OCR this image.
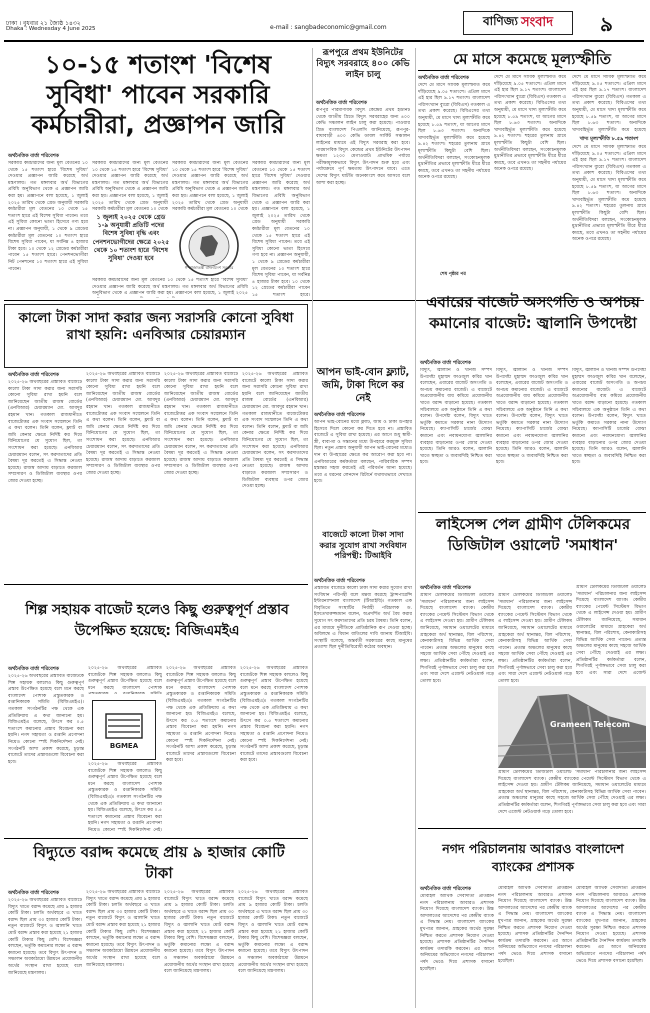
ঢাকা । বুধবার ২১ জ্যৈষ্ঠ ১৪৩২
Dhaka : Wednesday 4 June 2025	e-mail : sangbadeconomic@gmail.com	বাণিজ্য সংবাদ ৯
১০-১৫ শতাংশ 'বিশেষ সুবিধা' পাবেন সরকারি কর্মচারীরা, প্রজ্ঞাপন জারি
অর্থনৈতিক বার্তা পরিবেশক
সরকারি কর্মচারীদের জন্য মূল বেতনের ১০ থেকে ১৫ শতাংশ হারে 'বিশেষ সুবিধা' দেওয়ার প্রজ্ঞাপন জারি করেছে অর্থ মন্ত্রণালয়। গত মঙ্গলবার অর্থ বিভাগের প্রবিধি অনুবিভাগ থেকে এ প্রজ্ঞাপন জারি করা হয়। প্রজ্ঞাপনে বলা হয়েছে, ১ জুলাই ২০২৫ তারিখ থেকে গ্রেড অনুযায়ী সরকারি কর্মচারীরা মূল বেতনের ১০ থেকে ১৫ শতাংশ হারে এই বিশেষ সুবিধা পাবেন। তবে এই সুবিধা কোনো ভাতা হিসেবে গণ্য হবে না। প্রজ্ঞাপন অনুযায়ী, ১ থেকে ৯ গ্রেডের কর্মচারীরা মূল বেতনের ১০ শতাংশ হারে বিশেষ সুবিধা পাবেন, যা সর্বনিম্ন ৪ হাজার টাকা হবে। ১০ থেকে ১২ গ্রেডের কর্মচারীরা পাবেন ১৫ শতাংশ হারে। পেনশনভোগীরা নিট পেনশনের ১০ শতাংশ হারে এই সুবিধা পাবেন।
সরকারি কর্মচারীদের জন্য মূল বেতনের ১০ থেকে ১৫ শতাংশ হারে 'বিশেষ সুবিধা' দেওয়ার প্রজ্ঞাপন জারি করেছে অর্থ মন্ত্রণালয়। গত মঙ্গলবার অর্থ বিভাগের প্রবিধি অনুবিভাগ থেকে এ প্রজ্ঞাপন জারি করা হয়। প্রজ্ঞাপনে বলা হয়েছে, ১ জুলাই ২০২৫ তারিখ থেকে গ্রেড অনুযায়ী সরকারি কর্মচারীরা মূল বেতনের ১০ থেকে
সরকারি কর্মচারীদের জন্য মূল বেতনের ১০ থেকে ১৫ শতাংশ হারে 'বিশেষ সুবিধা' দেওয়ার প্রজ্ঞাপন জারি করেছে অর্থ মন্ত্রণালয়। গত মঙ্গলবার অর্থ বিভাগের প্রবিধি অনুবিভাগ থেকে এ প্রজ্ঞাপন জারি করা হয়। প্রজ্ঞাপনে বলা হয়েছে, ১ জুলাই ২০২৫ তারিখ থেকে গ্রেড অনুযায়ী সরকারি কর্মচারীরা মূল বেতনের ১০ থেকে
সরকারি কর্মচারীদের জন্য মূল বেতনের ১০ থেকে ১৫ শতাংশ হারে 'বিশেষ সুবিধা' দেওয়ার প্রজ্ঞাপন জারি করেছে অর্থ মন্ত্রণালয়। গত মঙ্গলবার অর্থ বিভাগের প্রবিধি অনুবিভাগ থেকে এ প্রজ্ঞাপন জারি করা হয়। প্রজ্ঞাপনে বলা হয়েছে, ১ জুলাই ২০২৫ তারিখ থেকে গ্রেড অনুযায়ী সরকারি কর্মচারীরা মূল বেতনের ১০ থেকে ১৫ শতাংশ হারে এই বিশেষ সুবিধা পাবেন। তবে এই সুবিধা কোনো ভাতা হিসেবে গণ্য হবে না। প্রজ্ঞাপন অনুযায়ী, ১ থেকে ৯ গ্রেডের কর্মচারীরা মূল বেতনের ১০ শতাংশ হারে বিশেষ সুবিধা পাবেন, যা সর্বনিম্ন ৪ হাজার টাকা হবে। ১০ থেকে ১২ গ্রেডের কর্মচারীরা পাবেন ১৫ শতাংশ হারে।
১ জুলাই ২০২৫ থেকে গ্রেড ১-৯ অনুযায়ী প্রতিটি পদের বিশেষ সুবিধা বৃদ্ধি এবং পেনশনভোগীদের ক্ষেত্রে ২০২৫ থেকে ১০ শতাংশ হারে 'বিশেষ সুবিধা' দেওয়া হবে
গণপ্রজাতন্ত্রী বাংলাদেশ সরকার
সরকারি কর্মচারীদের জন্য মূল বেতনের ১০ থেকে ১৫ শতাংশ হারে 'বিশেষ সুবিধা' দেওয়ার প্রজ্ঞাপন জারি করেছে অর্থ মন্ত্রণালয়। গত মঙ্গলবার অর্থ বিভাগের প্রবিধি অনুবিভাগ থেকে এ প্রজ্ঞাপন জারি করা হয়। প্রজ্ঞাপনে বলা হয়েছে, ১ জুলাই ২০২৫
রূপপুরে প্রথম ইউনিটের বিদ্যুৎ সরবরাহে ৪০০ কেভি লাইন চালু
অর্থনৈতিক বার্তা পরিবেশক
রূপপুর পারমাণবিক বিদ্যুৎ কেন্দ্রের প্রথম ইউনিট থেকে জাতীয় গ্রিডে বিদ্যুৎ সরবরাহের জন্য ৪০০ কেভি সঞ্চালন লাইন চালু করা হয়েছে। পাওয়ার গ্রিড বাংলাদেশ পিএলসি জানিয়েছে, রূপপুর-বাঘাবাড়ী ৪০০ কেভি ডাবল সার্কিট সঞ্চালন লাইনের মাধ্যমে এই বিদ্যুৎ সরবরাহ করা হবে। পারমাণবিক বিদ্যুৎ কেন্দ্রের প্রথম ইউনিটের উৎপাদন ক্ষমতা ১২০০ মেগাওয়াট। প্রাথমিক পর্যায়ে পরীক্ষামূলকভাবে বিদ্যুৎ উৎপাদন শুরু হবে এবং পর্যায়ক্রমে পূর্ণ ক্ষমতায় উৎপাদনে যাবে। এতে দেশের বিদ্যুৎ ঘাটতি অনেকাংশে কমে আসবে বলে আশা করা হচ্ছে।
মে মাসে কমেছে মূল্যস্ফীতি
অর্থনৈতিক বার্তা পরিবেশক
দেশে মে মাসে সার্বিক মূল্যস্ফীতি কমে দাঁড়িয়েছে ৯.০৫ শতাংশে। এপ্রিল মাসে এই হার ছিল ৯.১৭ শতাংশ। বাংলাদেশ পরিসংখ্যান ব্যুরো (বিবিএস) গতকাল এ তথ্য প্রকাশ করেছে। বিবিএসের তথ্য অনুযায়ী, মে মাসে খাদ্য মূল্যস্ফীতি কমে হয়েছে ৮.৫৯ শতাংশ, যা আগের মাসে ছিল ৮.৬৩ শতাংশ। অন্যদিকে খাদ্যবহির্ভূত মূল্যস্ফীতি কমে হয়েছে ৯.৪২ শতাংশ। শহরের তুলনায় গ্রামে মূল্যস্ফীতি কিছুটা বেশি ছিল। অর্থনীতিবিদরা বলছেন, সংকোচনমূলক মুদ্রানীতির প্রভাবে মূল্যস্ফীতি ধীরে ধীরে কমছে, তবে এখনও তা সহনীয় পর্যায়ের অনেক ওপরে রয়েছে।
দেশে মে মাসে সার্বিক মূল্যস্ফীতি কমে দাঁড়িয়েছে ৯.০৫ শতাংশে। এপ্রিল মাসে এই হার ছিল ৯.১৭ শতাংশ। বাংলাদেশ পরিসংখ্যান ব্যুরো (বিবিএস) গতকাল এ তথ্য প্রকাশ করেছে। বিবিএসের তথ্য অনুযায়ী, মে মাসে খাদ্য মূল্যস্ফীতি কমে হয়েছে ৮.৫৯ শতাংশ, যা আগের মাসে ছিল ৮.৬৩ শতাংশ। অন্যদিকে খাদ্যবহির্ভূত মূল্যস্ফীতি কমে হয়েছে ৯.৪২ শতাংশ। শহরের তুলনায় গ্রামে মূল্যস্ফীতি কিছুটা বেশি ছিল। অর্থনীতিবিদরা বলছেন, সংকোচনমূলক মুদ্রানীতির প্রভাবে মূল্যস্ফীতি ধীরে ধীরে কমছে, তবে এখনও তা সহনীয় পর্যায়ের অনেক ওপরে রয়েছে।
খাদ্য মূল্যস্ফীতি ৮.৫৯ শতাংশ
দেশে মে মাসে সার্বিক মূল্যস্ফীতি কমে দাঁড়িয়েছে ৯.০৫ শতাংশে। এপ্রিল মাসে এই হার ছিল ৯.১৭ শতাংশ। বাংলাদেশ পরিসংখ্যান ব্যুরো (বিবিএস) গতকাল এ তথ্য প্রকাশ করেছে। বিবিএসের তথ্য অনুযায়ী, মে মাসে খাদ্য মূল্যস্ফীতি কমে হয়েছে ৮.৫৯ শতাংশ, যা আগের মাসে ছিল ৮.৬৩ শতাংশ। অন্যদিকে খাদ্যবহির্ভূত মূল্যস্ফীতি কমে হয়েছে
দেশে মে মাসে সার্বিক মূল্যস্ফীতি কমে দাঁড়িয়েছে ৯.০৫ শতাংশে। এপ্রিল মাসে এই হার ছিল ৯.১৭ শতাংশ। বাংলাদেশ পরিসংখ্যান ব্যুরো (বিবিএস) গতকাল এ তথ্য প্রকাশ করেছে। বিবিএসের তথ্য অনুযায়ী, মে মাসে খাদ্য মূল্যস্ফীতি কমে হয়েছে ৮.৫৯ শতাংশ, যা আগের মাসে ছিল ৮.৬৩ শতাংশ। অন্যদিকে খাদ্যবহির্ভূত মূল্যস্ফীতি কমে হয়েছে ৯.৪২ শতাংশ। শহরের তুলনায় গ্রামে মূল্যস্ফীতি কিছুটা বেশি ছিল। অর্থনীতিবিদরা বলছেন, সংকোচনমূলক মুদ্রানীতির প্রভাবে মূল্যস্ফীতি ধীরে ধীরে কমছে, তবে এখনও তা সহনীয় পর্যায়ের অনেক ওপরে রয়েছে।
শেষ পৃষ্ঠার পর
এবারের বাজেট অসংগতি ও অপচয় কমানোর বাজেট: জ্বালানি উপদেষ্টা
অর্থনৈতিক বার্তা পরিবেশক
বিদ্যুৎ, জ্বালানি ও খনিজ সম্পদ উপদেষ্টা মুহাম্মদ ফাওজুল কবির খান বলেছেন, এবারের বাজেট অসংগতি ও অপচয় কমানোর বাজেট। এ বাজেটে অপ্রয়োজনীয় ব্যয় কমিয়ে প্রয়োজনীয় খাতে বরাদ্দ বাড়ানো হয়েছে। গতকাল সচিবালয়ে এক অনুষ্ঠানে তিনি এ কথা বলেন। উপদেষ্টা বলেন, বিদ্যুৎ খাতে ভর্তুকি কমাতে সরকার নানা উদ্যোগ নিয়েছে। ক্যাপাসিটি চার্জের বোঝা কমানো এবং নবায়নযোগ্য জ্বালানির ব্যবহার বাড়ানোর ওপর জোর দেওয়া হয়েছে। তিনি আরও বলেন, জ্বালানি খাতে স্বচ্ছতা ও জবাবদিহি নিশ্চিত করা হবে।
বিদ্যুৎ, জ্বালানি ও খনিজ সম্পদ উপদেষ্টা মুহাম্মদ ফাওজুল কবির খান বলেছেন, এবারের বাজেট অসংগতি ও অপচয় কমানোর বাজেট। এ বাজেটে অপ্রয়োজনীয় ব্যয় কমিয়ে প্রয়োজনীয় খাতে বরাদ্দ বাড়ানো হয়েছে। গতকাল সচিবালয়ে এক অনুষ্ঠানে তিনি এ কথা বলেন। উপদেষ্টা বলেন, বিদ্যুৎ খাতে ভর্তুকি কমাতে সরকার নানা উদ্যোগ নিয়েছে। ক্যাপাসিটি চার্জের বোঝা কমানো এবং নবায়নযোগ্য জ্বালানির ব্যবহার বাড়ানোর ওপর জোর দেওয়া হয়েছে। তিনি আরও বলেন, জ্বালানি খাতে স্বচ্ছতা ও জবাবদিহি নিশ্চিত করা হবে।
বিদ্যুৎ, জ্বালানি ও খনিজ সম্পদ উপদেষ্টা মুহাম্মদ ফাওজুল কবির খান বলেছেন, এবারের বাজেট অসংগতি ও অপচয় কমানোর বাজেট। এ বাজেটে অপ্রয়োজনীয় ব্যয় কমিয়ে প্রয়োজনীয় খাতে বরাদ্দ বাড়ানো হয়েছে। গতকাল সচিবালয়ে এক অনুষ্ঠানে তিনি এ কথা বলেন। উপদেষ্টা বলেন, বিদ্যুৎ খাতে ভর্তুকি কমাতে সরকার নানা উদ্যোগ নিয়েছে। ক্যাপাসিটি চার্জের বোঝা কমানো এবং নবায়নযোগ্য জ্বালানির ব্যবহার বাড়ানোর ওপর জোর দেওয়া হয়েছে। তিনি আরও বলেন, জ্বালানি খাতে স্বচ্ছতা ও জবাবদিহি নিশ্চিত করা হবে।
কালো টাকা সাদা করার জন্য সরাসরি কোনো সুবিধা রাখা হয়নি: এনবিআর চেয়ারম্যান
অর্থনৈতিক বার্তা পরিবেশক
২০২৫-২৬ অর্থবছরের প্রস্তাবিত বাজেটে কালো টাকা সাদা করার জন্য সরাসরি কোনো সুবিধা রাখা হয়নি বলে জানিয়েছেন জাতীয় রাজস্ব বোর্ডের (এনবিআর) চেয়ারম্যান মো. আবদুর রহমান খান। গতকাল রাজধানীতে বাজেটোত্তর এক সংবাদ সম্মেলনে তিনি এ কথা বলেন। তিনি বলেন, ফ্ল্যাট বা জমি কেনার ক্ষেত্রে নির্দিষ্ট কর দিয়ে বিনিয়োগের যে সুযোগ ছিল, তা সংশোধন করা হয়েছে। এনবিআর চেয়ারম্যান বলেন, সৎ করদাতাদের প্রতি বৈষম্য দূর করতেই এ সিদ্ধান্ত নেওয়া হয়েছে। রাজস্ব আদায় বাড়াতে করজাল সম্প্রসারণ ও ডিজিটাল ব্যবস্থার ওপর জোর দেওয়া হচ্ছে।
২০২৫-২৬ অর্থবছরের প্রস্তাবিত বাজেটে কালো টাকা সাদা করার জন্য সরাসরি কোনো সুবিধা রাখা হয়নি বলে জানিয়েছেন জাতীয় রাজস্ব বোর্ডের (এনবিআর) চেয়ারম্যান মো. আবদুর রহমান খান। গতকাল রাজধানীতে বাজেটোত্তর এক সংবাদ সম্মেলনে তিনি এ কথা বলেন। তিনি বলেন, ফ্ল্যাট বা জমি কেনার ক্ষেত্রে নির্দিষ্ট কর দিয়ে বিনিয়োগের যে সুযোগ ছিল, তা সংশোধন করা হয়েছে। এনবিআর চেয়ারম্যান বলেন, সৎ করদাতাদের প্রতি বৈষম্য দূর করতেই এ সিদ্ধান্ত নেওয়া হয়েছে। রাজস্ব আদায় বাড়াতে করজাল সম্প্রসারণ ও ডিজিটাল ব্যবস্থার ওপর জোর দেওয়া হচ্ছে।
২০২৫-২৬ অর্থবছরের প্রস্তাবিত বাজেটে কালো টাকা সাদা করার জন্য সরাসরি কোনো সুবিধা রাখা হয়নি বলে জানিয়েছেন জাতীয় রাজস্ব বোর্ডের (এনবিআর) চেয়ারম্যান মো. আবদুর রহমান খান। গতকাল রাজধানীতে বাজেটোত্তর এক সংবাদ সম্মেলনে তিনি এ কথা বলেন। তিনি বলেন, ফ্ল্যাট বা জমি কেনার ক্ষেত্রে নির্দিষ্ট কর দিয়ে বিনিয়োগের যে সুযোগ ছিল, তা সংশোধন করা হয়েছে। এনবিআর চেয়ারম্যান বলেন, সৎ করদাতাদের প্রতি বৈষম্য দূর করতেই এ সিদ্ধান্ত নেওয়া হয়েছে। রাজস্ব আদায় বাড়াতে করজাল সম্প্রসারণ ও ডিজিটাল ব্যবস্থার ওপর জোর দেওয়া হচ্ছে।
২০২৫-২৬ অর্থবছরের প্রস্তাবিত বাজেটে কালো টাকা সাদা করার জন্য সরাসরি কোনো সুবিধা রাখা হয়নি বলে জানিয়েছেন জাতীয় রাজস্ব বোর্ডের (এনবিআর) চেয়ারম্যান মো. আবদুর রহমান খান। গতকাল রাজধানীতে বাজেটোত্তর এক সংবাদ সম্মেলনে তিনি এ কথা বলেন। তিনি বলেন, ফ্ল্যাট বা জমি কেনার ক্ষেত্রে নির্দিষ্ট কর দিয়ে বিনিয়োগের যে সুযোগ ছিল, তা সংশোধন করা হয়েছে। এনবিআর চেয়ারম্যান বলেন, সৎ করদাতাদের প্রতি বৈষম্য দূর করতেই এ সিদ্ধান্ত নেওয়া হয়েছে। রাজস্ব আদায় বাড়াতে করজাল সম্প্রসারণ ও ডিজিটাল ব্যবস্থার ওপর জোর দেওয়া হচ্ছে।
আপন ভাই-বোন ফ্ল্যাট, জমি, টাকা দিলে কর নেই
অর্থনৈতিক বার্তা পরিবেশক
আপন ভাই-বোনের মধ্যে ফ্ল্যাট, জমি ও টাকা উপহার হিসেবে দিলে কোনো কর দিতে হবে না। প্রস্তাবিত বাজেটে এ সুবিধা রাখা হয়েছে। এর আগে শুধু স্বামী-স্ত্রী, বাবা-মা ও সন্তানের মধ্যে উপহারে করমুক্ত সুবিধা ছিল। নতুন প্রস্তাব অনুযায়ী আপন ভাই-বোনের মধ্যেও দান বা উপহারের ক্ষেত্রে কর আরোপ করা হবে না। এনবিআরের কর্মকর্তারা বলছেন, পারিবারিক সম্পদ হস্তান্তর সহজ করতেই এই পরিবর্তন আনা হয়েছে। তবে এ ধরনের লেনদেন রিটার্নে যথাযথভাবে দেখাতে হবে।
বাজেটে কালো টাকা সাদা করার সুযোগ রাখা সংবিধান পরিপন্থী: টিআইবি
অর্থনৈতিক বার্তা পরিবেশক
প্রস্তাবিত বাজেটে কালো টাকা সাদা করার সুযোগ রাখা সংবিধান পরিপন্থী বলে মন্তব্য করেছে ট্রান্সপারেন্সি ইন্টারন্যাশনাল বাংলাদেশ (টিআইবি)। গতকাল এক বিবৃতিতে সংস্থাটির নির্বাহী পরিচালক ড. ইফতেখারুজ্জামান বলেন, অপ্রদর্শিত অর্থ বৈধ করার সুযোগ সৎ করদাতাদের প্রতি চরম বৈষম্য। তিনি বলেন, এর মাধ্যমে দুর্নীতিকে প্রাতিষ্ঠানিক রূপ দেওয়া হচ্ছে। অবিলম্বে এ বিধান বাতিলের দাবি জানায় টিআইবি। সংস্থাটি বলেছে, অন্তর্বর্তী সরকারের কাছে মানুষের প্রত্যাশা ছিল দুর্নীতিবিরোধী কঠোর অবস্থান।
লাইসেন্স পেল গ্রামীণ টেলিকমের ডিজিটাল ওয়ালেট 'সমাধান'
অর্থনৈতিক বার্তা পরিবেশক
গ্রামীণ টেলিকমের ডিজিটাল ওয়ালেট 'সমাধান' পরিচালনার জন্য লাইসেন্স দিয়েছে বাংলাদেশ ব্যাংক। কেন্দ্রীয় ব্যাংকের পেমেন্ট সিস্টেমস বিভাগ থেকে এ লাইসেন্স দেওয়া হয়। গ্রামীণ টেলিকম জানিয়েছে, সমাধান ওয়ালেটের মাধ্যমে গ্রাহকেরা অর্থ স্থানান্তর, বিল পরিশোধ, কেনাকাটাসহ বিভিন্ন আর্থিক সেবা পাবেন। প্রত্যন্ত অঞ্চলের মানুষের কাছে সহজে আর্থিক সেবা পৌঁছে দেওয়াই এর লক্ষ্য। প্রতিষ্ঠানটির কর্মকর্তারা বলেন, শিগগিরই পূর্ণাঙ্গভাবে সেবা চালু করা হবে এবং সারা দেশে এজেন্ট নেটওয়ার্ক গড়ে তোলা হবে।
গ্রামীণ টেলিকমের ডিজিটাল ওয়ালেট 'সমাধান' পরিচালনার জন্য লাইসেন্স দিয়েছে বাংলাদেশ ব্যাংক। কেন্দ্রীয় ব্যাংকের পেমেন্ট সিস্টেমস বিভাগ থেকে এ লাইসেন্স দেওয়া হয়। গ্রামীণ টেলিকম জানিয়েছে, সমাধান ওয়ালেটের মাধ্যমে গ্রাহকেরা অর্থ স্থানান্তর, বিল পরিশোধ, কেনাকাটাসহ বিভিন্ন আর্থিক সেবা পাবেন। প্রত্যন্ত অঞ্চলের মানুষের কাছে সহজে আর্থিক সেবা পৌঁছে দেওয়াই এর লক্ষ্য। প্রতিষ্ঠানটির কর্মকর্তারা বলেন, শিগগিরই পূর্ণাঙ্গভাবে সেবা চালু করা হবে এবং সারা দেশে এজেন্ট নেটওয়ার্ক গড়ে তোলা হবে।
গ্রামীণ টেলিকমের ডিজিটাল ওয়ালেট 'সমাধান' পরিচালনার জন্য লাইসেন্স দিয়েছে বাংলাদেশ ব্যাংক। কেন্দ্রীয় ব্যাংকের পেমেন্ট সিস্টেমস বিভাগ থেকে এ লাইসেন্স দেওয়া হয়। গ্রামীণ টেলিকম জানিয়েছে, সমাধান ওয়ালেটের মাধ্যমে গ্রাহকেরা অর্থ স্থানান্তর, বিল পরিশোধ, কেনাকাটাসহ বিভিন্ন আর্থিক সেবা পাবেন। প্রত্যন্ত অঞ্চলের মানুষের কাছে সহজে আর্থিক সেবা পৌঁছে দেওয়াই এর লক্ষ্য। প্রতিষ্ঠানটির কর্মকর্তারা বলেন, শিগগিরই পূর্ণাঙ্গভাবে সেবা চালু করা হবে এবং সারা দেশে এজেন্ট
Grameen Telecom
গ্রামীণ টেলিকমের ডিজিটাল ওয়ালেট 'সমাধান' পরিচালনার জন্য লাইসেন্স দিয়েছে বাংলাদেশ ব্যাংক। কেন্দ্রীয় ব্যাংকের পেমেন্ট সিস্টেমস বিভাগ থেকে এ লাইসেন্স দেওয়া হয়। গ্রামীণ টেলিকম জানিয়েছে, সমাধান ওয়ালেটের মাধ্যমে গ্রাহকেরা অর্থ স্থানান্তর, বিল পরিশোধ, কেনাকাটাসহ বিভিন্ন আর্থিক সেবা পাবেন। প্রত্যন্ত অঞ্চলের মানুষের কাছে সহজে আর্থিক সেবা পৌঁছে দেওয়াই এর লক্ষ্য। প্রতিষ্ঠানটির কর্মকর্তারা বলেন, শিগগিরই পূর্ণাঙ্গভাবে সেবা চালু করা হবে এবং সারা দেশে এজেন্ট নেটওয়ার্ক গড়ে তোলা হবে।
শিল্প সহায়ক বাজেট হলেও কিছু গুরুত্বপূর্ণ প্রস্তাব উপেক্ষিত হয়েছে: বিজিএমইএ
অর্থনৈতিক বার্তা পরিবেশক
২০২৫-২৬ অর্থবছরের প্রস্তাবিত বাজেটকে শিল্প সহায়ক বললেও কিছু গুরুত্বপূর্ণ প্রস্তাব উপেক্ষিত হয়েছে বলে মনে করছে বাংলাদেশ পোশাক প্রস্তুতকারক ও রপ্তানিকারক সমিতি (বিজিএমইএ)। গতকাল সংগঠনটির পক্ষ থেকে এক প্রতিক্রিয়ায় এ কথা জানানো হয়। বিজিএমইএ বলেছে, উৎসে কর ০.৫ শতাংশে কমানোর প্রস্তাব বিবেচনা করা হয়নি। নগদ সহায়তা ও রপ্তানি প্রণোদনা নিয়েও কোনো স্পষ্ট দিকনির্দেশনা নেই। সংগঠনটি আশা প্রকাশ করেছে, চূড়ান্ত বাজেটে তাদের প্রস্তাবগুলো বিবেচনা করা হবে।
২০২৫-২৬ অর্থবছরের প্রস্তাবিত বাজেটকে শিল্প সহায়ক বললেও কিছু গুরুত্বপূর্ণ প্রস্তাব উপেক্ষিত হয়েছে বলে মনে করছে বাংলাদেশ পোশাক
BGMEA
২০২৫-২৬ অর্থবছরের প্রস্তাবিত বাজেটকে শিল্প সহায়ক বললেও কিছু গুরুত্বপূর্ণ প্রস্তাব উপেক্ষিত হয়েছে বলে মনে করছে বাংলাদেশ পোশাক প্রস্তুতকারক ও রপ্তানিকারক সমিতি (বিজিএমইএ)। গতকাল সংগঠনটির পক্ষ থেকে এক প্রতিক্রিয়ায় এ কথা জানানো হয়। বিজিএমইএ বলেছে, উৎসে কর ০.৫ শতাংশে কমানোর প্রস্তাব বিবেচনা করা হয়নি। নগদ সহায়তা ও রপ্তানি প্রণোদনা নিয়েও কোনো স্পষ্ট দিকনির্দেশনা নেই।
২০২৫-২৬ অর্থবছরের প্রস্তাবিত বাজেটকে শিল্প সহায়ক বললেও কিছু গুরুত্বপূর্ণ প্রস্তাব উপেক্ষিত হয়েছে বলে মনে করছে বাংলাদেশ পোশাক প্রস্তুতকারক ও রপ্তানিকারক সমিতি (বিজিএমইএ)। গতকাল সংগঠনটির পক্ষ থেকে এক প্রতিক্রিয়ায় এ কথা জানানো হয়। বিজিএমইএ বলেছে, উৎসে কর ০.৫ শতাংশে কমানোর প্রস্তাব বিবেচনা করা হয়নি। নগদ সহায়তা ও রপ্তানি প্রণোদনা নিয়েও কোনো স্পষ্ট দিকনির্দেশনা নেই। সংগঠনটি আশা প্রকাশ করেছে, চূড়ান্ত বাজেটে তাদের প্রস্তাবগুলো বিবেচনা করা হবে।
২০২৫-২৬ অর্থবছরের প্রস্তাবিত বাজেটকে শিল্প সহায়ক বললেও কিছু গুরুত্বপূর্ণ প্রস্তাব উপেক্ষিত হয়েছে বলে মনে করছে বাংলাদেশ পোশাক প্রস্তুতকারক ও রপ্তানিকারক সমিতি (বিজিএমইএ)। গতকাল সংগঠনটির পক্ষ থেকে এক প্রতিক্রিয়ায় এ কথা জানানো হয়। বিজিএমইএ বলেছে, উৎসে কর ০.৫ শতাংশে কমানোর প্রস্তাব বিবেচনা করা হয়নি। নগদ সহায়তা ও রপ্তানি প্রণোদনা নিয়েও কোনো স্পষ্ট দিকনির্দেশনা নেই। সংগঠনটি আশা প্রকাশ করেছে, চূড়ান্ত বাজেটে তাদের প্রস্তাবগুলো বিবেচনা করা হবে।
বিদ্যুতে বরাদ্দ কমেছে প্রায় ৯ হাজার কোটি টাকা
অর্থনৈতিক বার্তা পরিবেশক
২০২৫-২৬ অর্থবছরের প্রস্তাবিত বাজেটে বিদ্যুৎ খাতে বরাদ্দ কমেছে প্রায় ৯ হাজার কোটি টাকা। চলতি অর্থবছরে এ খাতে বরাদ্দ ছিল প্রায় ৩০ হাজার কোটি টাকা। নতুন বাজেটে বিদ্যুৎ ও জ্বালানি খাতে মোট বরাদ্দ প্রস্তাব করা হয়েছে ২১ হাজার কোটি টাকার কিছু বেশি। বিশেষজ্ঞরা বলছেন, ভর্তুকি কমানোর লক্ষ্যে এ বরাদ্দ কমানো হয়েছে। তবে বিদ্যুৎ উৎপাদন ও সঞ্চালন অবকাঠামো উন্নয়নে প্রয়োজনীয় অর্থের সংস্থান রাখা হয়েছে বলে জানিয়েছে মন্ত্রণালয়।
২০২৫-২৬ অর্থবছরের প্রস্তাবিত বাজেটে বিদ্যুৎ খাতে বরাদ্দ কমেছে প্রায় ৯ হাজার কোটি টাকা। চলতি অর্থবছরে এ খাতে বরাদ্দ ছিল প্রায় ৩০ হাজার কোটি টাকা। নতুন বাজেটে বিদ্যুৎ ও জ্বালানি খাতে মোট বরাদ্দ প্রস্তাব করা হয়েছে ২১ হাজার কোটি টাকার কিছু বেশি। বিশেষজ্ঞরা বলছেন, ভর্তুকি কমানোর লক্ষ্যে এ বরাদ্দ কমানো হয়েছে। তবে বিদ্যুৎ উৎপাদন ও সঞ্চালন অবকাঠামো উন্নয়নে প্রয়োজনীয় অর্থের সংস্থান রাখা হয়েছে বলে জানিয়েছে মন্ত্রণালয়।
২০২৫-২৬ অর্থবছরের প্রস্তাবিত বাজেটে বিদ্যুৎ খাতে বরাদ্দ কমেছে প্রায় ৯ হাজার কোটি টাকা। চলতি অর্থবছরে এ খাতে বরাদ্দ ছিল প্রায় ৩০ হাজার কোটি টাকা। নতুন বাজেটে বিদ্যুৎ ও জ্বালানি খাতে মোট বরাদ্দ প্রস্তাব করা হয়েছে ২১ হাজার কোটি টাকার কিছু বেশি। বিশেষজ্ঞরা বলছেন, ভর্তুকি কমানোর লক্ষ্যে এ বরাদ্দ কমানো হয়েছে। তবে বিদ্যুৎ উৎপাদন ও সঞ্চালন অবকাঠামো উন্নয়নে প্রয়োজনীয় অর্থের সংস্থান রাখা হয়েছে বলে জানিয়েছে মন্ত্রণালয়।
২০২৫-২৬ অর্থবছরের প্রস্তাবিত বাজেটে বিদ্যুৎ খাতে বরাদ্দ কমেছে প্রায় ৯ হাজার কোটি টাকা। চলতি অর্থবছরে এ খাতে বরাদ্দ ছিল প্রায় ৩০ হাজার কোটি টাকা। নতুন বাজেটে বিদ্যুৎ ও জ্বালানি খাতে মোট বরাদ্দ প্রস্তাব করা হয়েছে ২১ হাজার কোটি টাকার কিছু বেশি। বিশেষজ্ঞরা বলছেন, ভর্তুকি কমানোর লক্ষ্যে এ বরাদ্দ কমানো হয়েছে। তবে বিদ্যুৎ উৎপাদন ও সঞ্চালন অবকাঠামো উন্নয়নে প্রয়োজনীয় অর্থের সংস্থান রাখা হয়েছে বলে জানিয়েছে মন্ত্রণালয়।
নগদ পরিচালনায় আবারও বাংলাদেশ ব্যাংকের প্রশাসক
অর্থনৈতিক বার্তা পরিবেশক
মোবাইল আর্থিক সেবাদাতা প্রতিষ্ঠান নগদ পরিচালনায় আবারও প্রশাসক নিয়োগ দিয়েছে বাংলাদেশ ব্যাংক। উচ্চ আদালতের আদেশের পর কেন্দ্রীয় ব্যাংক এ সিদ্ধান্ত নেয়। বাংলাদেশ ব্যাংকের মুখপাত্র জানান, গ্রাহকের অর্থের সুরক্ষা নিশ্চিত করতে প্রশাসক নিয়োগ দেওয়া হয়েছে। প্রশাসক প্রতিষ্ঠানটির দৈনন্দিন কার্যক্রম তদারকি করবেন। এর আগে অনিয়মের অভিযোগে নগদের পরিচালনা পর্ষদ ভেঙে দিয়ে প্রশাসক বসানো হয়েছিল।
মোবাইল আর্থিক সেবাদাতা প্রতিষ্ঠান নগদ পরিচালনায় আবারও প্রশাসক নিয়োগ দিয়েছে বাংলাদেশ ব্যাংক। উচ্চ আদালতের আদেশের পর কেন্দ্রীয় ব্যাংক এ সিদ্ধান্ত নেয়। বাংলাদেশ ব্যাংকের মুখপাত্র জানান, গ্রাহকের অর্থের সুরক্ষা নিশ্চিত করতে প্রশাসক নিয়োগ দেওয়া হয়েছে। প্রশাসক প্রতিষ্ঠানটির দৈনন্দিন কার্যক্রম তদারকি করবেন। এর আগে অনিয়মের অভিযোগে নগদের পরিচালনা পর্ষদ ভেঙে দিয়ে প্রশাসক বসানো হয়েছিল।
মোবাইল আর্থিক সেবাদাতা প্রতিষ্ঠান নগদ পরিচালনায় আবারও প্রশাসক নিয়োগ দিয়েছে বাংলাদেশ ব্যাংক। উচ্চ আদালতের আদেশের পর কেন্দ্রীয় ব্যাংক এ সিদ্ধান্ত নেয়। বাংলাদেশ ব্যাংকের মুখপাত্র জানান, গ্রাহকের অর্থের সুরক্ষা নিশ্চিত করতে প্রশাসক নিয়োগ দেওয়া হয়েছে। প্রশাসক প্রতিষ্ঠানটির দৈনন্দিন কার্যক্রম তদারকি করবেন। এর আগে অনিয়মের অভিযোগে নগদের পরিচালনা পর্ষদ ভেঙে দিয়ে প্রশাসক বসানো হয়েছিল।
